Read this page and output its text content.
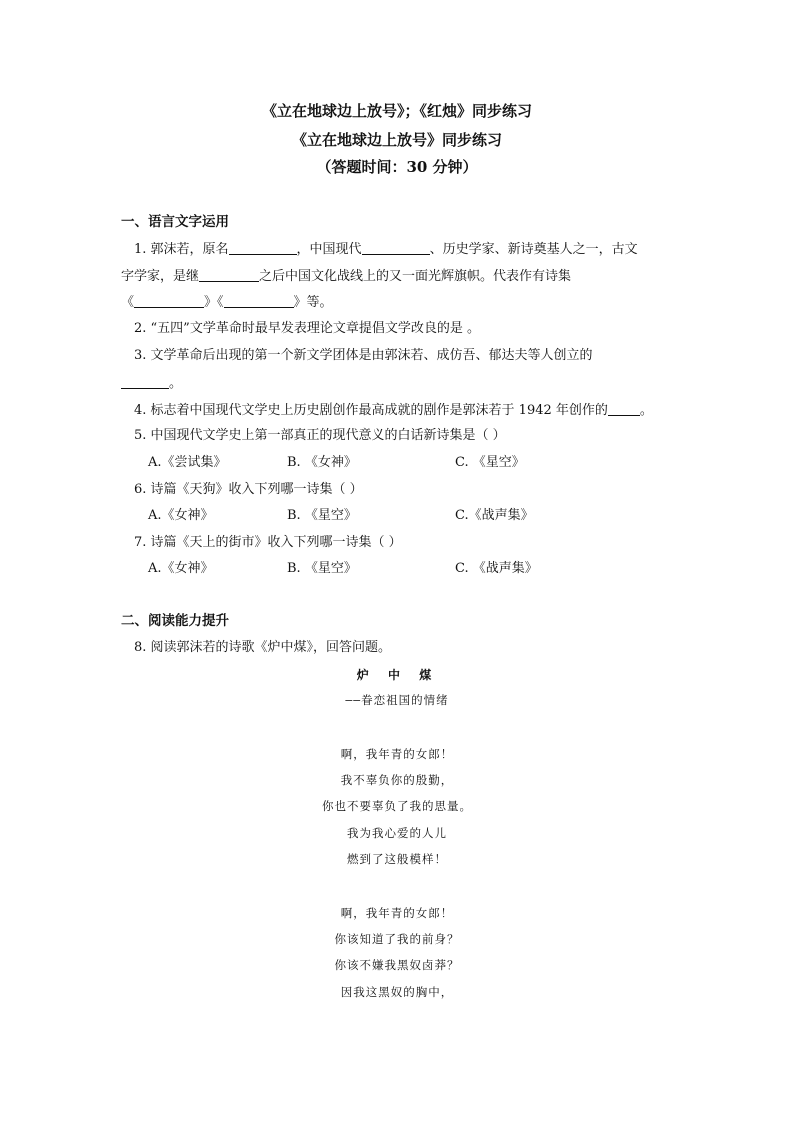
《立在地球边上放号》；《红烛》同步练习
《立在地球边上放号》同步练习
（答题时间：30 分钟）
一、语言文字运用
1. 郭沫若，原名	，中国现代	、历史学家、新诗奠基人之一，古文
字学家，是继	之后中国文化战线上的又一面光辉旗帜。代表作有诗集
《	》《	》等。
2. “五四”文学革命时最早发表理论文章提倡文学改良的是 。
3. 文学革命后出现的第一个新文学团体是由郭沫若、成仿吾、郁达夫等人创立的
。
4. 标志着中国现代文学史上历史剧创作最高成就的剧作是郭沫若于 1942 年创作的 。
5. 中国现代文学史上第一部真正的现代意义的白话新诗集是（ ）
A.《尝试集》	B. 《女神》	C. 《星空》
6. 诗篇《天狗》收入下列哪一诗集（ ）
A.《女神》	B. 《星空》	C.《战声集》
7. 诗篇《天上的街市》收入下列哪一诗集（ ）
A.《女神》	B. 《星空》	C. 《战声集》
二、阅读能力提升
8. 阅读郭沫若的诗歌《炉中煤》，回答问题。
炉 中 煤
——眷恋祖国的情绪
啊，我年青的女郎！
我不辜负你的殷勤，
你也不要辜负了我的思量。
我为我心爱的人儿
燃到了这般模样！
啊，我年青的女郎！
你该知道了我的前身？
你该不嫌我黑奴卤莽？
因我这黑奴的胸中，
